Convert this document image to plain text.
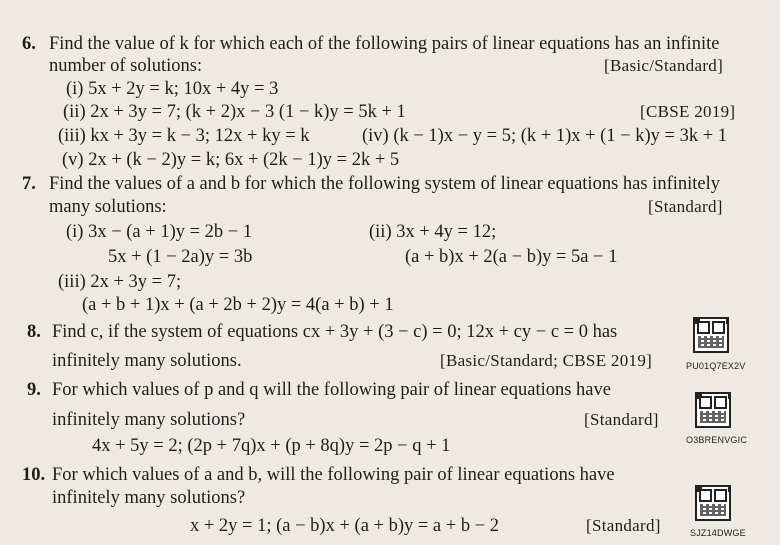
6. Find the value of k for which each of the following pairs of linear equations has an infinite
number of solutions:	[Basic/Standard]
(i) 5x + 2y = k; 10x + 4y = 3
(ii) 2x + 3y = 7; (k + 2)x − 3 (1 − k)y = 5k + 1	[CBSE 2019]
(iii) kx + 3y = k − 3; 12x + ky = k	(iv) (k − 1)x − y = 5; (k + 1)x + (1 − k)y = 3k + 1
(v) 2x + (k − 2)y = k; 6x + (2k − 1)y = 2k + 5
7. Find the values of a and b for which the following system of linear equations has infinitely
many solutions:	[Standard]
(i) 3x − (a + 1)y = 2b − 1
5x + (1 − 2a)y = 3b
(ii) 3x + 4y = 12;
(a + b)x + 2(a − b)y = 5a − 1
(iii) 2x + 3y = 7;
(a + b + 1)x + (a + 2b + 2)y = 4(a + b) + 1
8. Find c, if the system of equations cx + 3y + (3 − c) = 0; 12x + cy − c = 0 has
infinitely many solutions.	[Basic/Standard; CBSE 2019]	PU01Q7EX2V
9. For which values of p and q will the following pair of linear equations have
infinitely many solutions?	[Standard]
4x + 5y = 2; (2p + 7q)x + (p + 8q)y = 2p − q + 1	O3BRENVGIC
10. For which values of a and b, will the following pair of linear equations have
infinitely many solutions?
x + 2y = 1; (a − b)x + (a + b)y = a + b − 2	[Standard]	SJZ14DWGE
